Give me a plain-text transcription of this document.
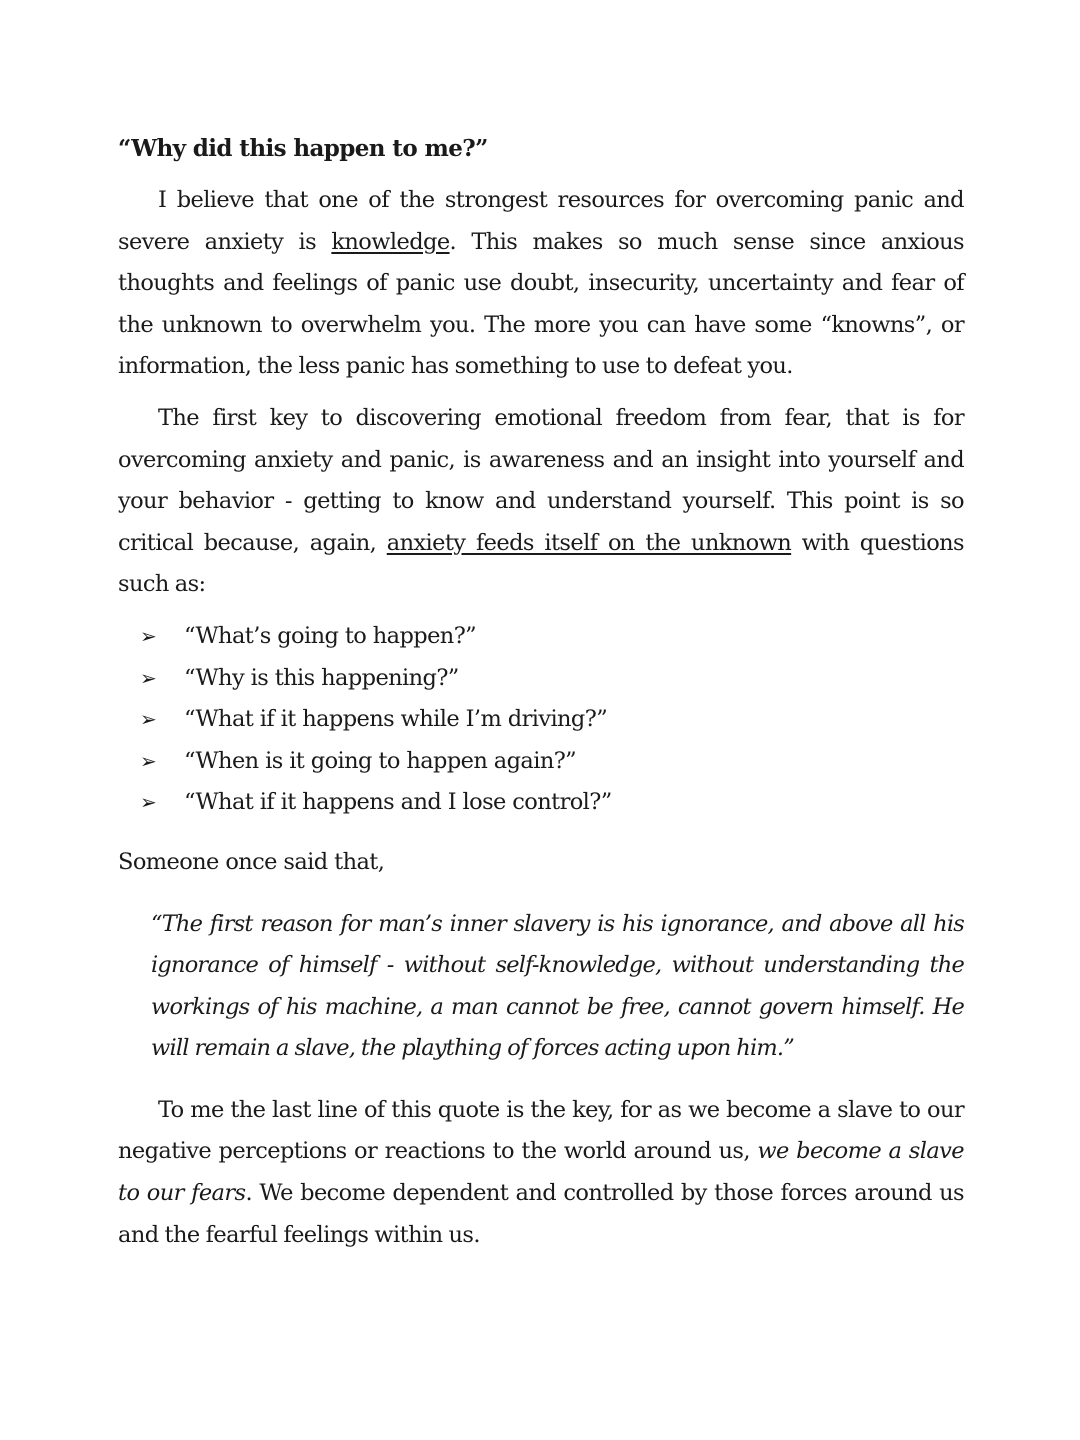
“Why did this happen to me?”

I believe that one of the strongest resources for overcoming panic and severe anxiety is knowledge. This makes so much sense since anxious thoughts and feelings of panic use doubt, insecurity, uncertainty and fear of the unknown to overwhelm you. The more you can have some “knowns”, or information, the less panic has something to use to defeat you.

The first key to discovering emotional freedom from fear, that is for overcoming anxiety and panic, is awareness and an insight into yourself and your behavior - getting to know and understand yourself. This point is so critical because, again, anxiety feeds itself on the unknown with questions such as:

➢ “What’s going to happen?”
➢ “Why is this happening?”
➢ “What if it happens while I’m driving?”
➢ “When is it going to happen again?”
➢ “What if it happens and I lose control?”

Someone once said that,

“The first reason for man’s inner slavery is his ignorance, and above all his ignorance of himself - without self-knowledge, without understanding the workings of his machine, a man cannot be free, cannot govern himself. He will remain a slave, the plaything of forces acting upon him.”

To me the last line of this quote is the key, for as we become a slave to our negative perceptions or reactions to the world around us, we become a slave to our fears. We become dependent and controlled by those forces around us and the fearful feelings within us.
